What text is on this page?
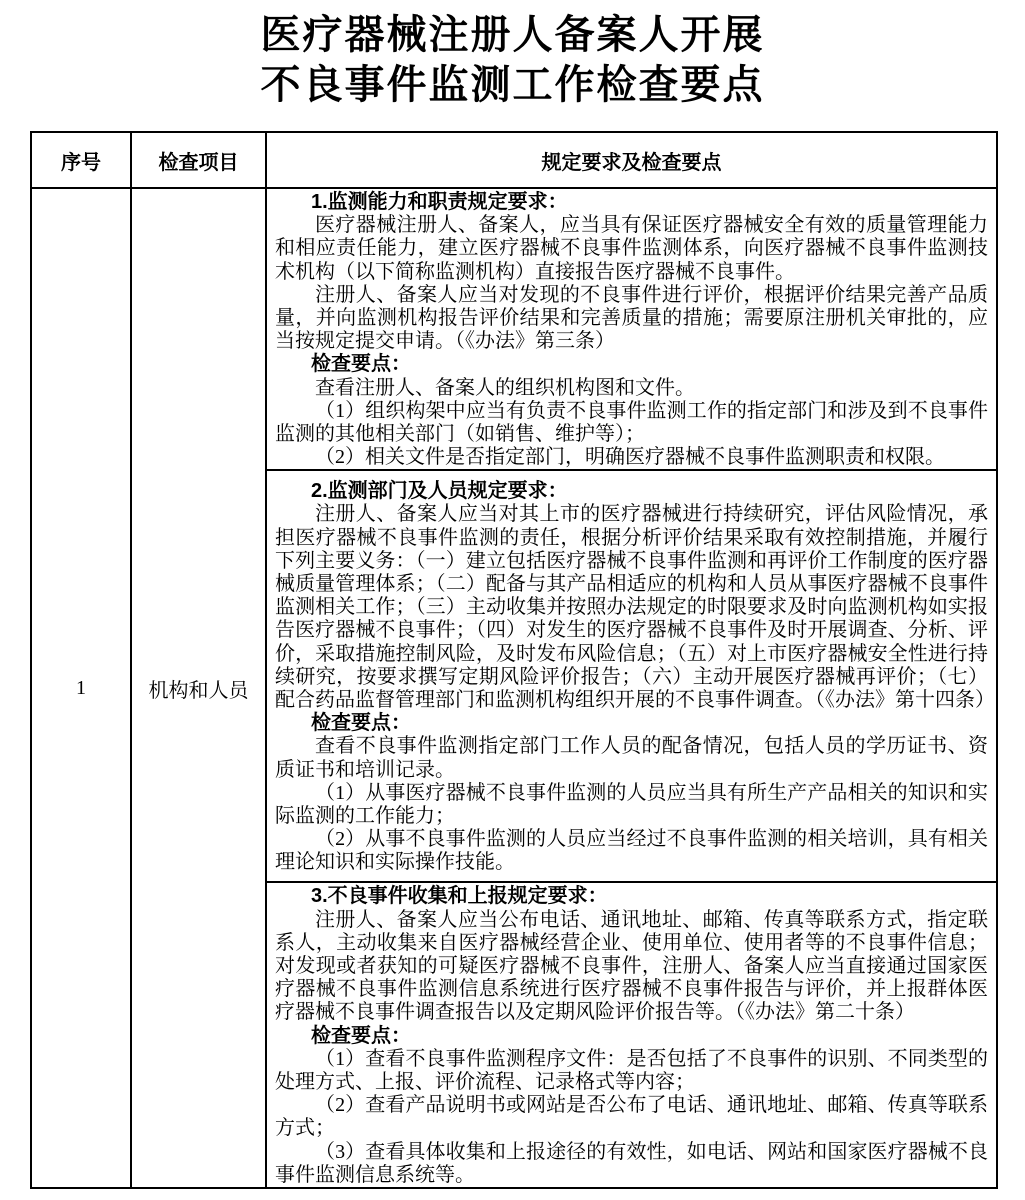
医疗器械注册人备案人开展
不良事件监测工作检查要点
序号	检查项目	规定要求及检查要点
1	机构和人员	

1.监测能力和职责规定要求：

医疗器械注册人、备案人，应当具有保证医疗器械安全有效的质量管理能力和相应责任能力，建立医疗器械不良事件监测体系，向医疗器械不良事件监测技术机构（以下简称监测机构）直接报告医疗器械不良事件。

注册人、备案人应当对发现的不良事件进行评价，根据评价结果完善产品质量，并向监测机构报告评价结果和完善质量的措施；需要原注册机关审批的，应当按规定提交申请。（《办法》第三条）

检查要点：

查看注册人、备案人的组织机构图和文件。

（1）组织构架中应当有负责不良事件监测工作的指定部门和涉及到不良事件监测的其他相关部门（如销售、维护等）；

（2）相关文件是否指定部门，明确医疗器械不良事件监测职责和权限。

2.监测部门及人员规定要求：

注册人、备案人应当对其上市的医疗器械进行持续研究，评估风险情况，承担医疗器械不良事件监测的责任，根据分析评价结果采取有效控制措施，并履行下列主要义务：（一）建立包括医疗器械不良事件监测和再评价工作制度的医疗器械质量管理体系；（二）配备与其产品相适应的机构和人员从事医疗器械不良事件监测相关工作；（三）主动收集并按照办法规定的时限要求及时向监测机构如实报告医疗器械不良事件；（四）对发生的医疗器械不良事件及时开展调查、分析、评价，采取措施控制风险，及时发布风险信息；（五）对上市医疗器械安全性进行持续研究，按要求撰写定期风险评价报告；（六）主动开展医疗器械再评价；（七）配合药品监督管理部门和监测机构组织开展的不良事件调查。（《办法》第十四条）

检查要点：

查看不良事件监测指定部门工作人员的配备情况，包括人员的学历证书、资质证书和培训记录。

（1）从事医疗器械不良事件监测的人员应当具有所生产产品相关的知识和实际监测的工作能力；

（2）从事不良事件监测的人员应当经过不良事件监测的相关培训，具有相关理论知识和实际操作技能。

3.不良事件收集和上报规定要求：

注册人、备案人应当公布电话、通讯地址、邮箱、传真等联系方式，指定联系人，主动收集来自医疗器械经营企业、使用单位、使用者等的不良事件信息；对发现或者获知的可疑医疗器械不良事件，注册人、备案人应当直接通过国家医疗器械不良事件监测信息系统进行医疗器械不良事件报告与评价，并上报群体医疗器械不良事件调查报告以及定期风险评价报告等。（《办法》第二十条）

检查要点：

（1）查看不良事件监测程序文件：是否包括了不良事件的识别、不同类型的处理方式、上报、评价流程、记录格式等内容；

（2）查看产品说明书或网站是否公布了电话、通讯地址、邮箱、传真等联系方式；

（3）查看具体收集和上报途径的有效性，如电话、网站和国家医疗器械不良事件监测信息系统等。
